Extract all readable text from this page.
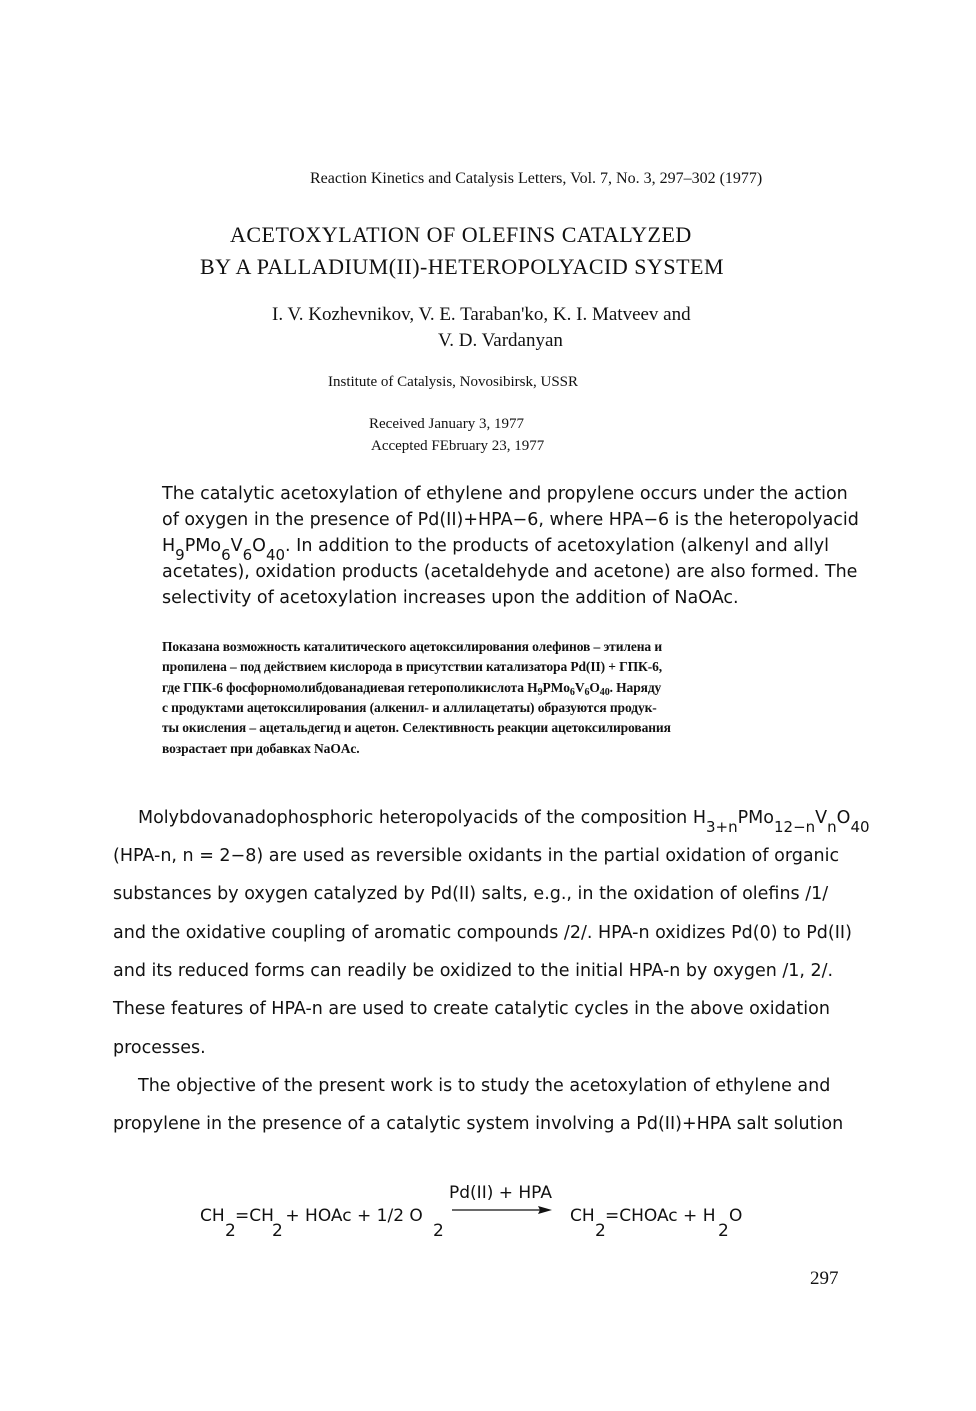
Reaction Kinetics and Catalysis Letters, Vol. 7, No. 3, 297–302 (1977)
ACETOXYLATION OF OLEFINS CATALYZED
BY A PALLADIUM(II)-HETEROPOLYACID SYSTEM
I. V. Kozhevnikov, V. E. Taraban'ko, K. I. Matveev and
V. D. Vardanyan
Institute of Catalysis, Novosibirsk, USSR
Received January 3, 1977
Accepted FEbruary 23, 1977
The catalytic acetoxylation of ethylene and propylene occurs under the action
of oxygen in the presence of Pd(II)+HPA−6, where HPA−6 is the heteropolyacid
H9PMo6V6O40. In addition to the products of acetoxylation (alkenyl and allyl
acetates), oxidation products (acetaldehyde and acetone) are also formed. The
selectivity of acetoxylation increases upon the addition of NaOAc.
Показана возможность каталитического ацетоксилирования олефинов – этилена и
пропилена – под действием кислорода в присутствии катализатора Pd(II) + ГПК-6,
где ГПК-6 фосфорномолибдованадиевая гетерополикислота $H_9PMo_6V_6O_{40}$. Наряду
с продуктами ацетоксилирования (алкенил- и аллилацетаты) образуются продук-
ты окисления – ацетальдегид и ацетон. Селективность реакции ацетоксилирования
возрастает при добавках NaOAc.
Molybdovanadophosphoric heteropolyacids of the composition H3+nPMo12−nVnO40
(HPA-n, n = 2−8) are used as reversible oxidants in the partial oxidation of organic
substances by oxygen catalyzed by Pd(II) salts, e.g., in the oxidation of olefins /1/
and the oxidative coupling of aromatic compounds /2/. HPA-n oxidizes Pd(0) to Pd(II)
and its reduced forms can readily be oxidized to the initial HPA-n by oxygen /1, 2/.
These features of HPA-n are used to create catalytic cycles in the above oxidation
processes.
The objective of the present work is to study the acetoxylation of ethylene and
propylene in the presence of a catalytic system involving a Pd(II)+HPA salt solution
Pd(II) + HPA
CH
2
=CH
2
+ HOAc + 1/2 O
2
CH
2
=CHOAc + H
2
O
297
